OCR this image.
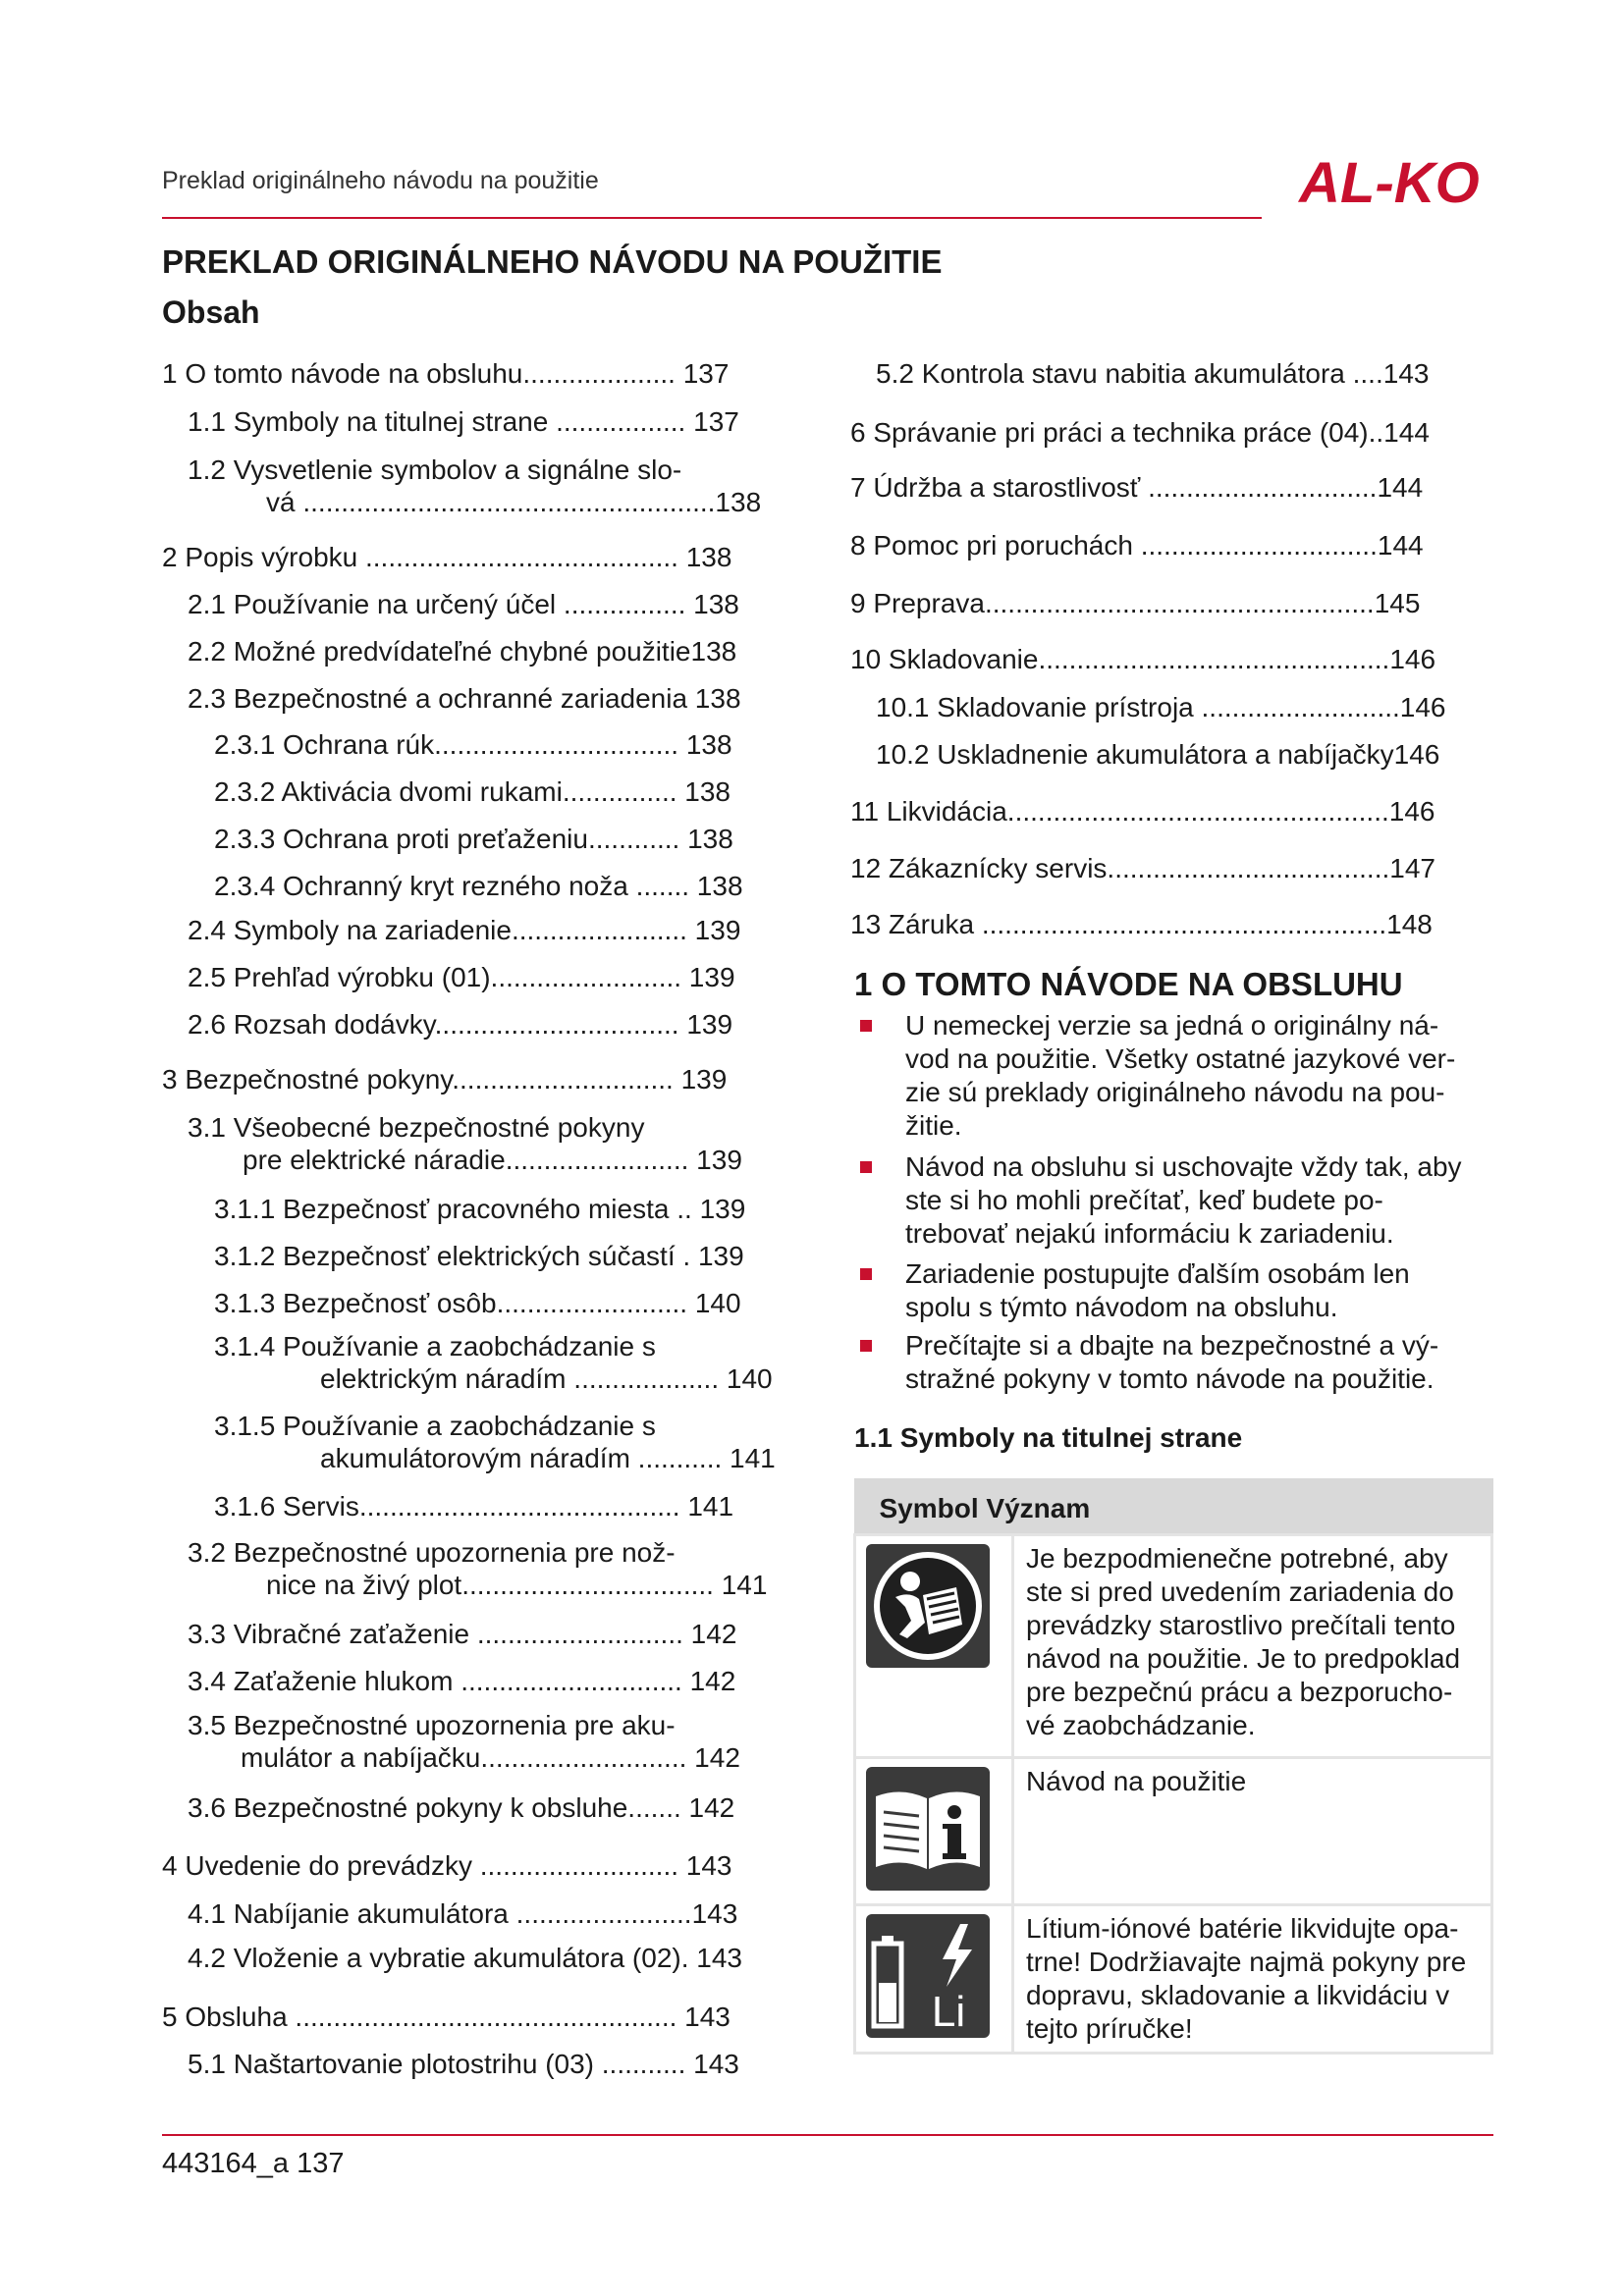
Preklad originálneho návodu na použitie	AL-KO
PREKLAD ORIGINÁLNEHO NÁVODU NA POUŽITIE
Obsah
1 O tomto návode na obsluhu.................... 137
1.1 Symboly na titulnej strane ................. 137
1.2 Vysvetlenie symbolov a signálne slo-
vá ......................................................138
2 Popis výrobku ......................................... 138
2.1 Používanie na určený účel ................ 138
2.2 Možné predvídateľné chybné použitie138
2.3 Bezpečnostné a ochranné zariadenia 138
2.3.1 Ochrana rúk................................ 138
2.3.2 Aktivácia dvomi rukami............... 138
2.3.3 Ochrana proti preťaženiu............ 138
2.3.4 Ochranný kryt rezného noža ....... 138
2.4 Symboly na zariadenie....................... 139
2.5 Prehľad výrobku (01)......................... 139
2.6 Rozsah dodávky................................ 139
3 Bezpečnostné pokyny............................. 139
3.1 Všeobecné bezpečnostné pokyny
pre elektrické náradie........................ 139
3.1.1 Bezpečnosť pracovného miesta .. 139
3.1.2 Bezpečnosť elektrických súčastí . 139
3.1.3 Bezpečnosť osôb......................... 140
3.1.4 Používanie a zaobchádzanie s
elektrickým náradím ................... 140
3.1.5 Používanie a zaobchádzanie s
akumulátorovým náradím ........... 141
3.1.6 Servis.......................................... 141
3.2 Bezpečnostné upozornenia pre nož-
nice na živý plot................................. 141
3.3 Vibračné zaťaženie ........................... 142
3.4 Zaťaženie hlukom ............................. 142
3.5 Bezpečnostné upozornenia pre aku-
mulátor a nabíjačku........................... 142
3.6 Bezpečnostné pokyny k obsluhe....... 142
4 Uvedenie do prevádzky .......................... 143
4.1 Nabíjanie akumulátora .......................143
4.2 Vloženie a vybratie akumulátora (02). 143
5 Obsluha .................................................. 143
5.1 Naštartovanie plotostrihu (03) ........... 143
5.2 Kontrola stavu nabitia akumulátora ....143
6 Správanie pri práci a technika práce (04)..144
7 Údržba a starostlivosť ..............................144
8 Pomoc pri poruchách ...............................144
9 Preprava...................................................145
10 Skladovanie..............................................146
10.1 Skladovanie prístroja ..........................146
10.2 Uskladnenie akumulátora a nabíjačky146
11 Likvidácia..................................................146
12 Zákaznícky servis.....................................147
13 Záruka .....................................................148
1 O TOMTO NÁVODE NA OBSLUHU
U nemeckej verzie sa jedná o originálny ná-vod na použitie. Všetky ostatné jazykové ver-zie sú preklady originálneho návodu na pou-žitie.
Návod na obsluhu si uschovajte vždy tak, aby ste si ho mohli prečítať, keď budete po-trebovať nejakú informáciu k zariadeniu.
Zariadenie postupujte ďalším osobám len spolu s týmto návodom na obsluhu.
Prečítajte si a dbajte na bezpečnostné a vý-stražné pokyny v tomto návode na použitie.
1.1 Symboly na titulnej strane
Symbol Význam	
	Je bezpodmienečne potrebné, aby ste si pred uvedením zariadenia do prevádzky starostlivo prečítali tento návod na použitie. Je to predpoklad pre bezpečnú prácu a bezporucho-vé zaobchádzanie.
	Návod na použitie

Li	Lítium-iónové batérie likvidujte opa-trne! Dodržiavajte najmä pokyny pre dopravu, skladovanie a likvidáciu v tejto príručke!
443164_a 137
